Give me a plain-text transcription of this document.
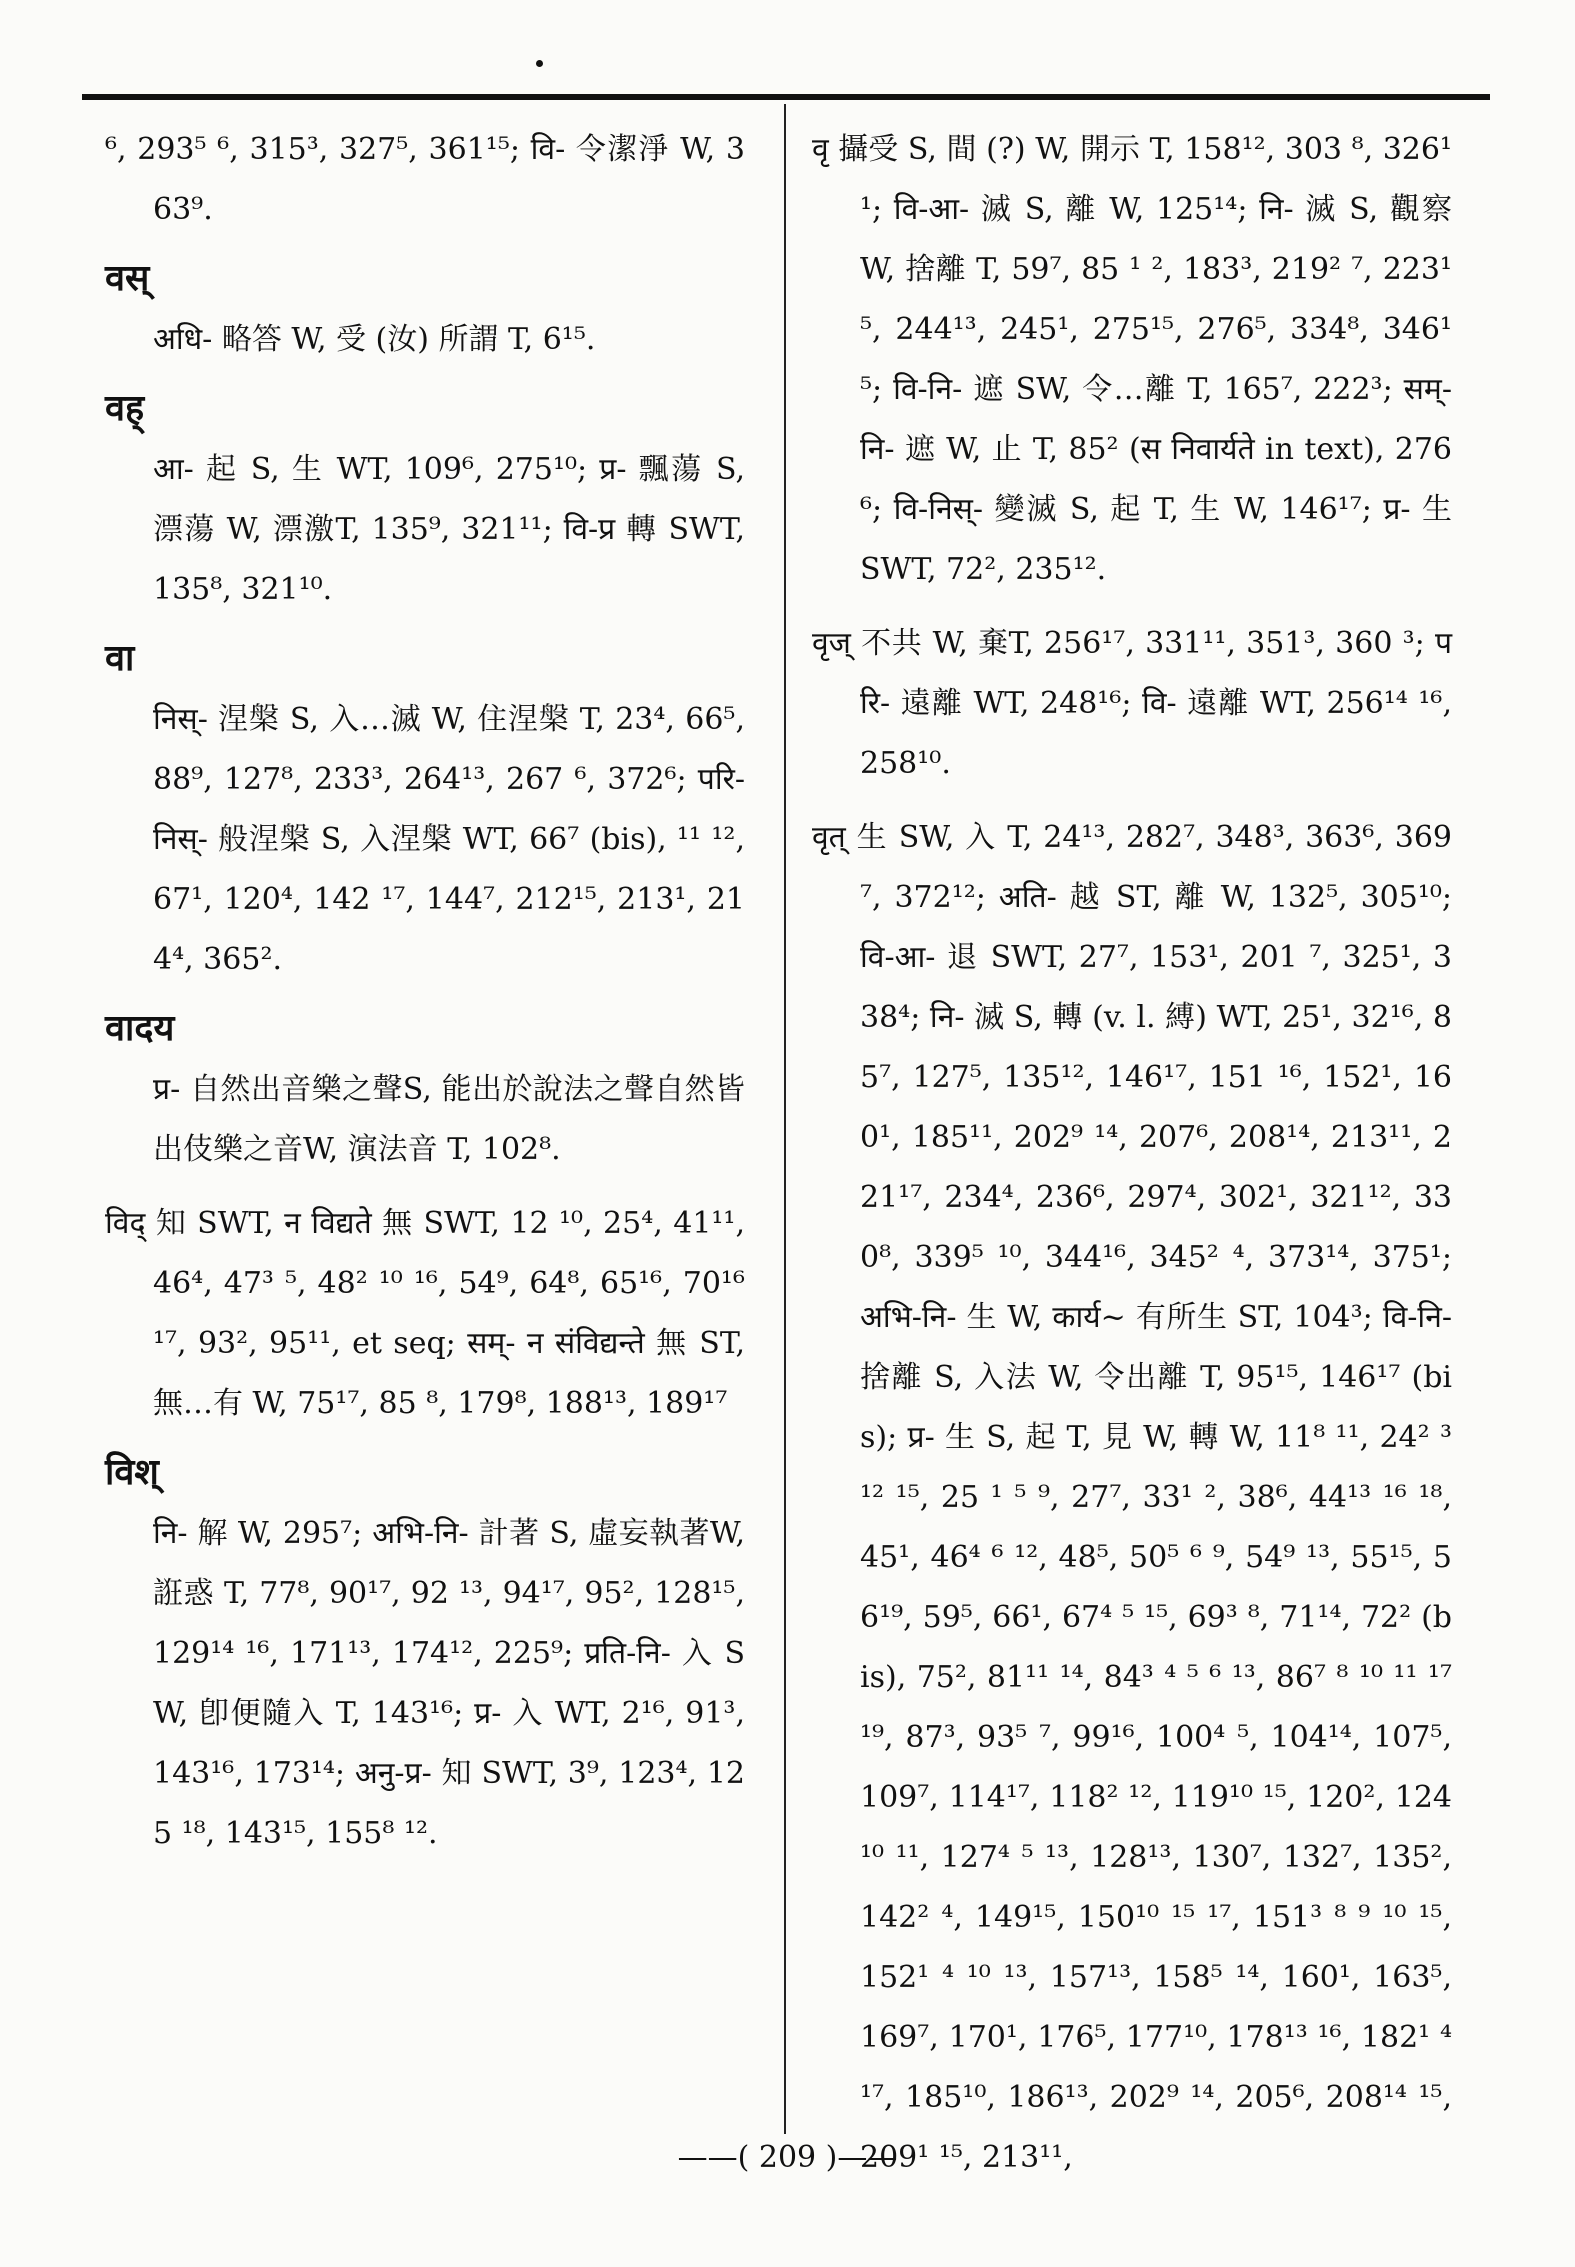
⁶, 293⁵ ⁶, 315³, 327⁵, 361¹⁵; वि- 令潔淨 W, 363⁹.
वस्
अधि- 略答 W, 受 (汝) 所謂 T, 6¹⁵.
वह्
आ- 起 S, 生 WT, 109⁶, 275¹⁰; प्र- 飄蕩 S, 漂蕩 W, 漂激T, 135⁹, 321¹¹; वि-प्र 轉 SWT, 135⁸, 321¹⁰.
वा
निस्- 涅槃 S, 入…滅 W, 住涅槃 T, 23⁴, 66⁵, 88⁹, 127⁸, 233³, 264¹³, 267 ⁶, 372⁶; परि-निस्- 般涅槃 S, 入涅槃 WT, 66⁷ (bis), ¹¹ ¹², 67¹, 120⁴, 142 ¹⁷, 144⁷, 212¹⁵, 213¹, 214⁴, 365².
वादय
प्र- 自然出音樂之聲S, 能出於說法之聲自然皆出伎樂之音W, 演法音 T, 102⁸.
विद् 知 SWT, न विद्यते 無 SWT, 12 ¹⁰, 25⁴, 41¹¹, 46⁴, 47³ ⁵, 48² ¹⁰ ¹⁶, 54⁹, 64⁸, 65¹⁶, 70¹⁶ ¹⁷, 93², 95¹¹, et seq; सम्- न संविद्यन्ते 無 ST, 無…有 W, 75¹⁷, 85 ⁸, 179⁸, 188¹³, 189¹⁷
विश्
नि- 解 W, 295⁷; अभि-नि- 計著 S, 虛妄執著W, 誑惑 T, 77⁸, 90¹⁷, 92 ¹³, 94¹⁷, 95², 128¹⁵, 129¹⁴ ¹⁶, 171¹³, 174¹², 225⁹; प्रति-नि- 入 SW, 卽便隨入 T, 143¹⁶; प्र- 入 WT, 2¹⁶, 91³, 143¹⁶, 173¹⁴; अनु-प्र- 知 SWT, 3⁹, 123⁴, 125 ¹⁸, 143¹⁵, 155⁸ ¹².
वृ 攝受 S, 間 (?) W, 開示 T, 158¹², 303 ⁸, 326¹¹; वि-आ- 滅 S, 離 W, 125¹⁴; नि- 滅 S, 觀察 W, 捨離 T, 59⁷, 85 ¹ ², 183³, 219² ⁷, 223¹⁵, 244¹³, 245¹, 275¹⁵, 276⁵, 334⁸, 346¹ ⁵; वि-नि- 遮 SW, 令…離 T, 165⁷, 222³; सम्-नि- 遮 W, 止 T, 85² (स निवार्यते in text), 276 ⁶; वि-निस्- 變滅 S, 起 T, 生 W, 146¹⁷; प्र- 生 SWT, 72², 235¹².
वृज् 不共 W, 棄T, 256¹⁷, 331¹¹, 351³, 360 ³; परि- 遠離 WT, 248¹⁶; वि- 遠離 WT, 256¹⁴ ¹⁶, 258¹⁰.
वृत् 生 SW, 入 T, 24¹³, 282⁷, 348³, 363⁶, 369⁷, 372¹²; अति- 越 ST, 離 W, 132⁵, 305¹⁰; वि-आ- 退 SWT, 27⁷, 153¹, 201 ⁷, 325¹, 338⁴; नि- 滅 S, 轉 (v. l. 縛) WT, 25¹, 32¹⁶, 85⁷, 127⁵, 135¹², 146¹⁷, 151 ¹⁶, 152¹, 160¹, 185¹¹, 202⁹ ¹⁴, 207⁶, 208¹⁴, 213¹¹, 221¹⁷, 234⁴, 236⁶, 297⁴, 302¹, 321¹², 330⁸, 339⁵ ¹⁰, 344¹⁶, 345² ⁴, 373¹⁴, 375¹; अभि-नि- 生 W, कार्य~ 有所生 ST, 104³; वि-नि- 捨離 S, 入法 W, 令出離 T, 95¹⁵, 146¹⁷ (bis); प्र- 生 S, 起 T, 見 W, 轉 W, 11⁸ ¹¹, 24² ³ ¹² ¹⁵, 25 ¹ ⁵ ⁹, 27⁷, 33¹ ², 38⁶, 44¹³ ¹⁶ ¹⁸, 45¹, 46⁴ ⁶ ¹², 48⁵, 50⁵ ⁶ ⁹, 54⁹ ¹³, 55¹⁵, 56¹⁹, 59⁵, 66¹, 67⁴ ⁵ ¹⁵, 69³ ⁸, 71¹⁴, 72² (bis), 75², 81¹¹ ¹⁴, 84³ ⁴ ⁵ ⁶ ¹³, 86⁷ ⁸ ¹⁰ ¹¹ ¹⁷ ¹⁹, 87³, 93⁵ ⁷, 99¹⁶, 100⁴ ⁵, 104¹⁴, 107⁵, 109⁷, 114¹⁷, 118² ¹², 119¹⁰ ¹⁵, 120², 124¹⁰ ¹¹, 127⁴ ⁵ ¹³, 128¹³, 130⁷, 132⁷, 135², 142² ⁴, 149¹⁵, 150¹⁰ ¹⁵ ¹⁷, 151³ ⁸ ⁹ ¹⁰ ¹⁵, 152¹ ⁴ ¹⁰ ¹³, 157¹³, 158⁵ ¹⁴, 160¹, 163⁵, 169⁷, 170¹, 176⁵, 177¹⁰, 178¹³ ¹⁶, 182¹ ⁴ ¹⁷, 185¹⁰, 186¹³, 202⁹ ¹⁴, 205⁶, 208¹⁴ ¹⁵, 209¹ ¹⁵, 213¹¹,
——( 209 )——
